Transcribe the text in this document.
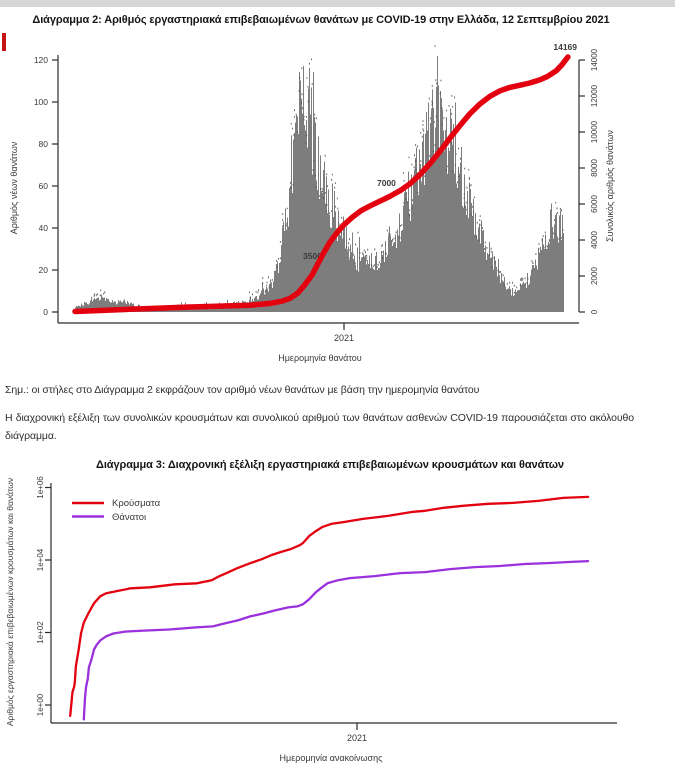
Διάγραμμα 2: Αριθμός εργαστηριακά επιβεβαιωμένων θανάτων με COVID-19 στην Ελλάδα, 12 Σεπτεμβρίου 2021
0
20
40
60
80
100
120
0
2000
4000
6000
8000
10000
12000
14000
3500
7000
14169
Αριθμός νέων θανάτων	Συνολικός αριθμός θανάτων
2021
Ημερομηνία θανάτου
1e+00
1e+02
1e+04
1e+06
Κρούσματα
Θάνατοι
Αριθμός εργαστηριακά επιβεβαιωμένων κρουσμάτων και θανάτων
2021
Ημερομηνία ανακοίνωσης
Σημ.: οι στήλες στο Διάγραμμα 2 εκφράζουν τον αριθμό νέων θανάτων με βάση την ημερομηνία θανάτου
Η διαχρονική εξέλιξη των συνολικών κρουσμάτων και συνολικού αριθμού των θανάτων ασθενών COVID-19 παρουσιάζεται στο ακόλουθο διάγραμμα.
Διάγραμμα 3: Διαχρονική εξέλιξη εργαστηριακά επιβεβαιωμένων κρουσμάτων και θανάτων
